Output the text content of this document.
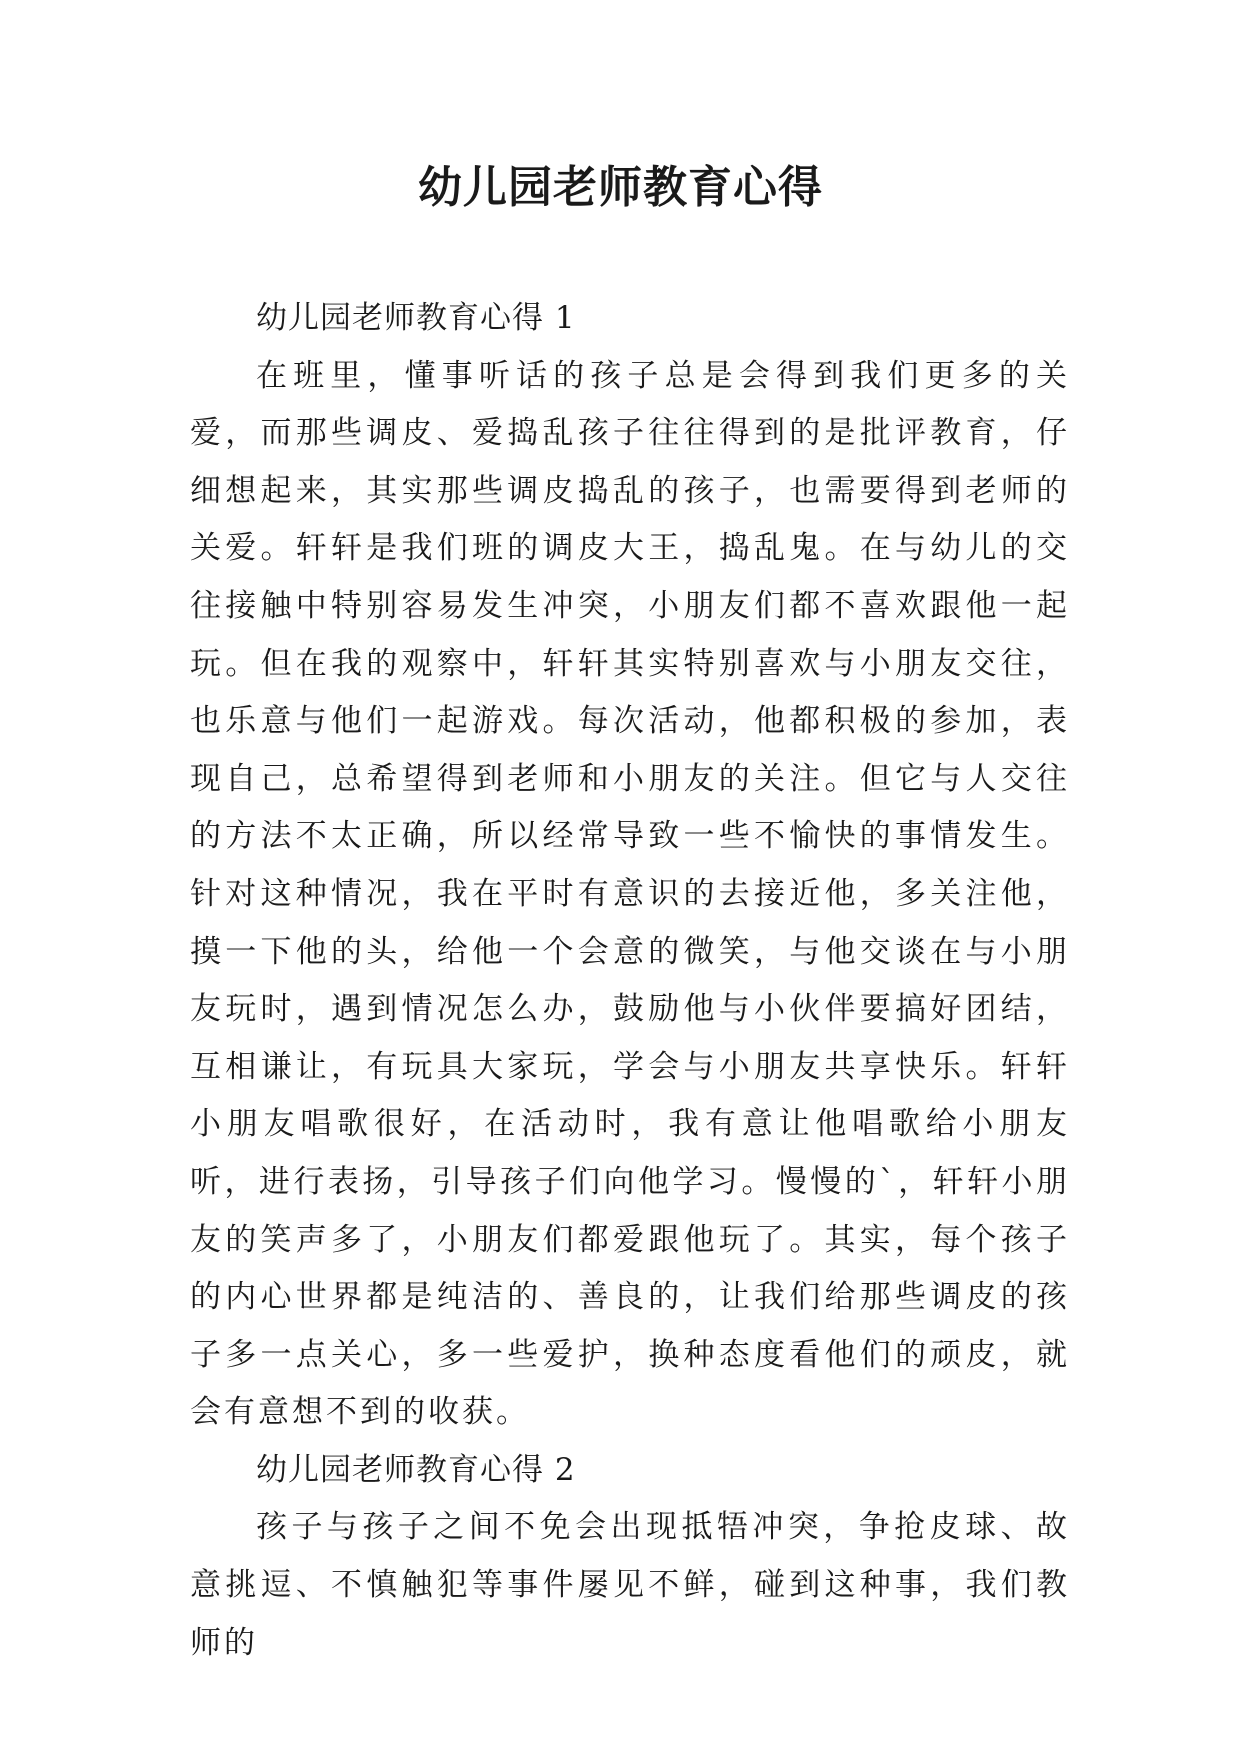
幼儿园老师教育心得

幼儿园老师教育心得 1

在班里，懂事听话的孩子总是会得到我们更多的关爱，而那些调皮、爱捣乱孩子往往得到的是批评教育，仔细想起来，其实那些调皮捣乱的孩子，也需要得到老师的关爱。轩轩是我们班的调皮大王，捣乱鬼。在与幼儿的交往接触中特别容易发生冲突，小朋友们都不喜欢跟他一起玩。但在我的观察中，轩轩其实特别喜欢与小朋友交往，也乐意与他们一起游戏。每次活动，他都积极的参加，表现自己，总希望得到老师和小朋友的关注。但它与人交往的方法不太正确，所以经常导致一些不愉快的事情发生。针对这种情况，我在平时有意识的去接近他，多关注他，摸一下他的头，给他一个会意的微笑，与他交谈在与小朋友玩时，遇到情况怎么办，鼓励他与小伙伴要搞好团结，互相谦让，有玩具大家玩，学会与小朋友共享快乐。轩轩小朋友唱歌很好，在活动时，我有意让他唱歌给小朋友听，进行表扬，引导孩子们向他学习。慢慢的`，轩轩小朋友的笑声多了，小朋友们都爱跟他玩了。其实，每个孩子的内心世界都是纯洁的、善良的，让我们给那些调皮的孩子多一点关心，多一些爱护，换种态度看他们的顽皮，就会有意想不到的收获。

幼儿园老师教育心得 2

孩子与孩子之间不免会出现抵牾冲突，争抢皮球、故意挑逗、不慎触犯等事件屡见不鲜，碰到这种事，我们教师的
